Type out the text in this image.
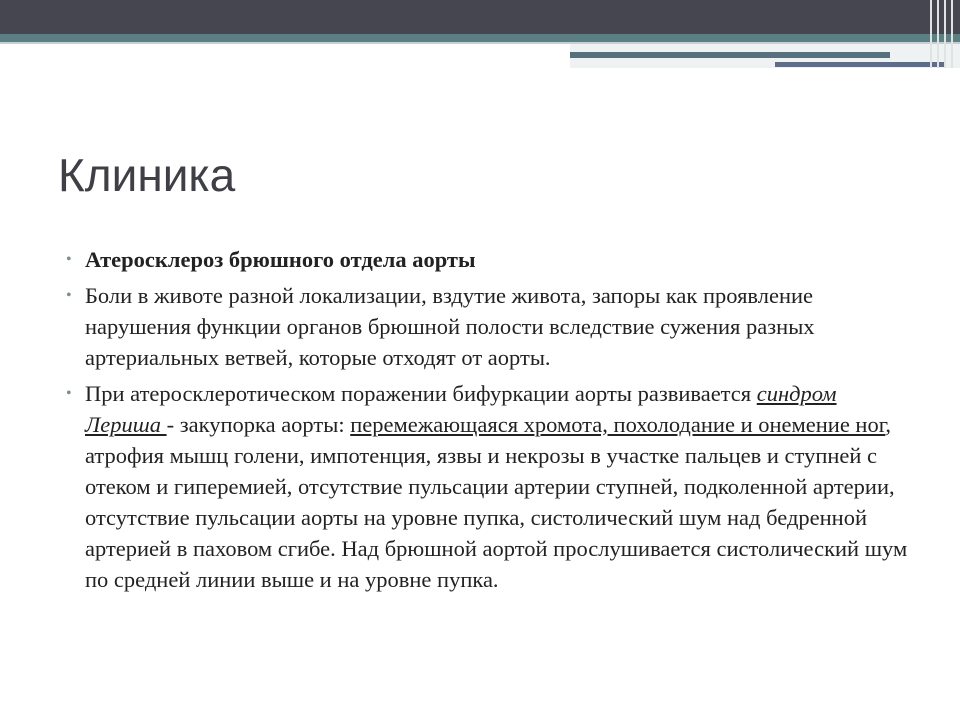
Клиника
• Атеросклероз брюшного отдела аорты
• Боли в животе разной локализации, вздутие живота, запоры как проявление нарушения функции органов брюшной полости вследствие сужения разных артериальных ветвей, которые отходят от аорты.
• При атеросклеротическом поражении бифуркации аорты развивается синдром Лериша - закупорка аорты: перемежающаяся хромота, похолодание и онемение ног, атрофия мышц голени, импотенция, язвы и некрозы в участке пальцев и ступней с отеком и гиперемией, отсутствие пульсации артерии ступней, подколенной артерии, отсутствие пульсации аорты на уровне пупка, систолический шум над бедренной артерией в паховом сгибе. Над брюшной аортой прослушивается систолический шум по средней линии выше и на уровне пупка.
